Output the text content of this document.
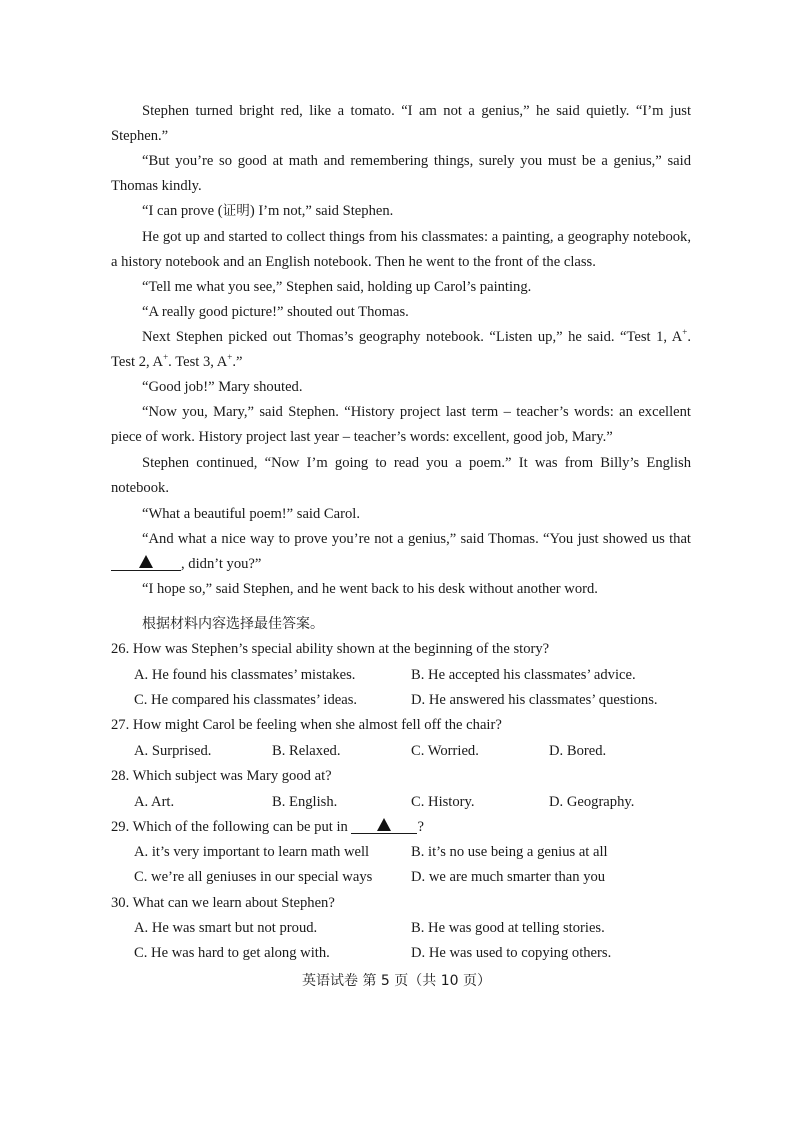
Stephen turned bright red, like a tomato. “I am not a genius,” he said quietly. “I’m just Stephen.”

“But you’re so good at math and remembering things, surely you must be a genius,” said Thomas kindly.

“I can prove (证明) I’m not,” said Stephen.

He got up and started to collect things from his classmates: a painting, a geography notebook, a history notebook and an English notebook. Then he went to the front of the class.

“Tell me what you see,” Stephen said, holding up Carol’s painting.

“A really good picture!” shouted out Thomas.

Next Stephen picked out Thomas’s geography notebook. “Listen up,” he said. “Test 1, A+. Test 2, A+. Test 3, A+.”

“Good job!” Mary shouted.

“Now you, Mary,” said Stephen. “History project last term – teacher’s words: an excellent piece of work. History project last year – teacher’s words: excellent, good job, Mary.”

Stephen continued, “Now I’m going to read you a poem.” It was from Billy’s English notebook.

“What a beautiful poem!” said Carol.

“And what a nice way to prove you’re not a genius,” said Thomas. “You just showed us that
, didn’t you?”

“I hope so,” said Stephen, and he went back to his desk without another word.

根据材料内容选择最佳答案。
26. How was Stephen’s special ability shown at the beginning of the story?
A. He found his classmates’ mistakes.	B. He accepted his classmates’ advice.
C. He compared his classmates’ ideas.	D. He answered his classmates’ questions.
27. How might Carol be feeling when she almost fell off the chair?
A. Surprised.	B. Relaxed.	C. Worried.	D. Bored.
28. Which subject was Mary good at?
A. Art.	B. English.	C. History.	D. Geography.
29. Which of the following can be put in	?
A. it’s very important to learn math well	B. it’s no use being a genius at all
C. we’re all geniuses in our special ways	D. we are much smarter than you
30. What can we learn about Stephen?
A. He was smart but not proud.	B. He was good at telling stories.
C. He was hard to get along with.	D. He was used to copying others.
英语试卷 第 5 页（共 10 页）
